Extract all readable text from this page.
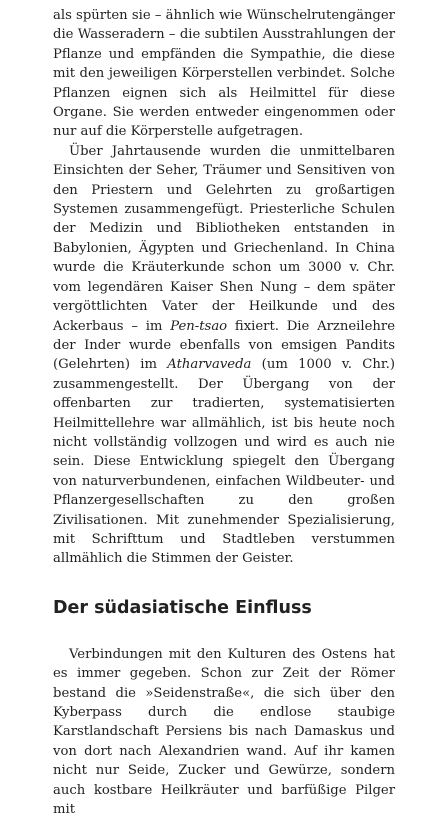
als spürten sie – ähnlich wie Wünschelrutengänger die Wasseradern – die subtilen Ausstrahlungen der Pflanze und empfänden die Sympathie, die diese mit den jeweiligen Körperstellen verbindet. Solche Pflanzen eignen sich als Heilmittel für diese Organe. Sie werden entweder eingenommen oder nur auf die Körperstelle aufgetragen.

Über Jahrtausende wurden die unmittelbaren Einsichten der Seher, Träumer und Sensitiven von den Priestern und Gelehrten zu großartigen Systemen zusammengefügt. Priesterliche Schulen der Medizin und Bibliotheken entstanden in Babylonien, Ägypten und Griechenland. In China wurde die Kräuterkunde schon um 3000 v. Chr. vom legendären Kaiser Shen Nung – dem später vergöttlichten Vater der Heilkunde und des Ackerbaus – im Pen-tsao fixiert. Die Arzneilehre der Inder wurde ebenfalls von emsigen Pandits (Gelehrten) im Atharvaveda (um 1000 v. Chr.) zusammengestellt. Der Übergang von der offenbarten zur tradierten, systematisierten Heilmittellehre war allmählich, ist bis heute noch nicht vollständig vollzogen und wird es auch nie sein. Diese Entwicklung spiegelt den Übergang von naturverbundenen, einfachen Wildbeuter- und Pflanzergesellschaften zu den großen Zivilisationen. Mit zunehmender Spezialisierung, mit Schrifttum und Stadtleben verstummen allmählich die Stimmen der Geister.

Der südasiatische Einfluss

Verbindungen mit den Kulturen des Ostens hat es immer gegeben. Schon zur Zeit der Römer bestand die »Seidenstraße«, die sich über den Kyberpass durch die endlose staubige Karstlandschaft Persiens bis nach Damaskus und von dort nach Alexandrien wand. Auf ihr kamen nicht nur Seide, Zucker und Gewürze, sondern auch kostbare Heilkräuter und barfüßige Pilger mit
